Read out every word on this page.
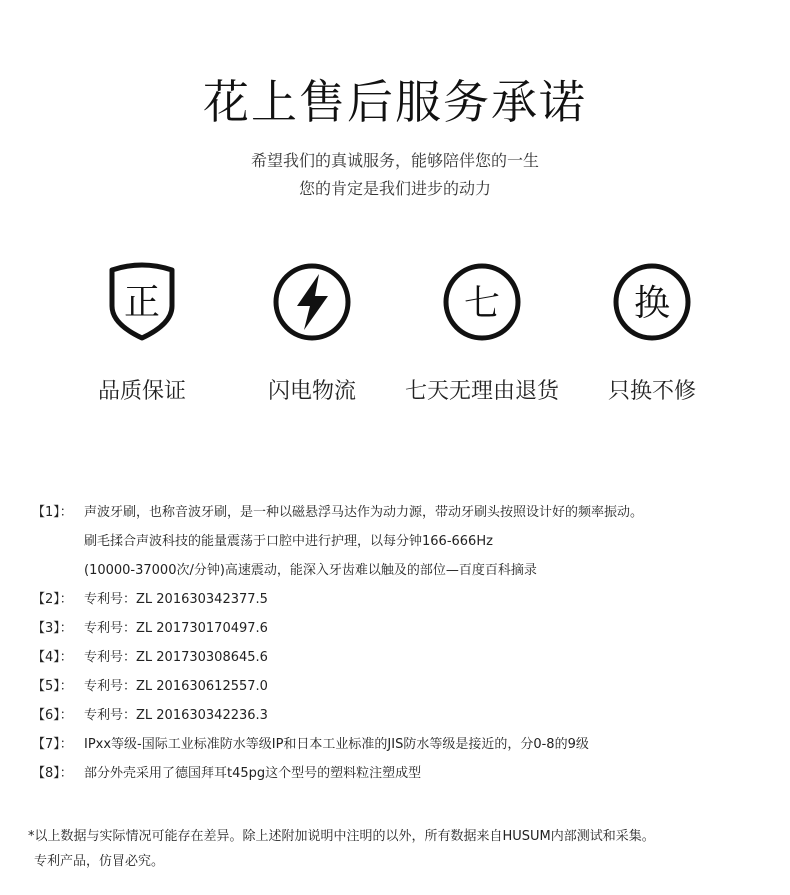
花上售后服务承诺
希望我们的真诚服务，能够陪伴您的一生
您的肯定是我们进步的动力
正
品质保证	闪电物流
七
七天无理由退货
换
只换不修
【1】： 声波牙刷，也称音波牙刷，是一种以磁悬浮马达作为动力源，带动牙刷头按照设计好的频率振动。
刷毛揉合声波科技的能量震荡于口腔中进行护理，以每分钟166-666Hz
(10000-37000次/分钟)高速震动，能深入牙齿难以触及的部位—百度百科摘录
【2】： 专利号：ZL 201630342377.5
【3】： 专利号：ZL 201730170497.6
【4】： 专利号：ZL 201730308645.6
【5】： 专利号：ZL 201630612557.0
【6】： 专利号：ZL 201630342236.3
【7】： IPxx等级-国际工业标准防水等级IP和日本工业标准的JIS防水等级是接近的，分0-8的9级
【8】： 部分外壳采用了德国拜耳t45pg这个型号的塑料粒注塑成型
*以上数据与实际情况可能存在差异。除上述附加说明中注明的以外，所有数据来自HUSUM内部测试和采集。
专利产品，仿冒必究。
